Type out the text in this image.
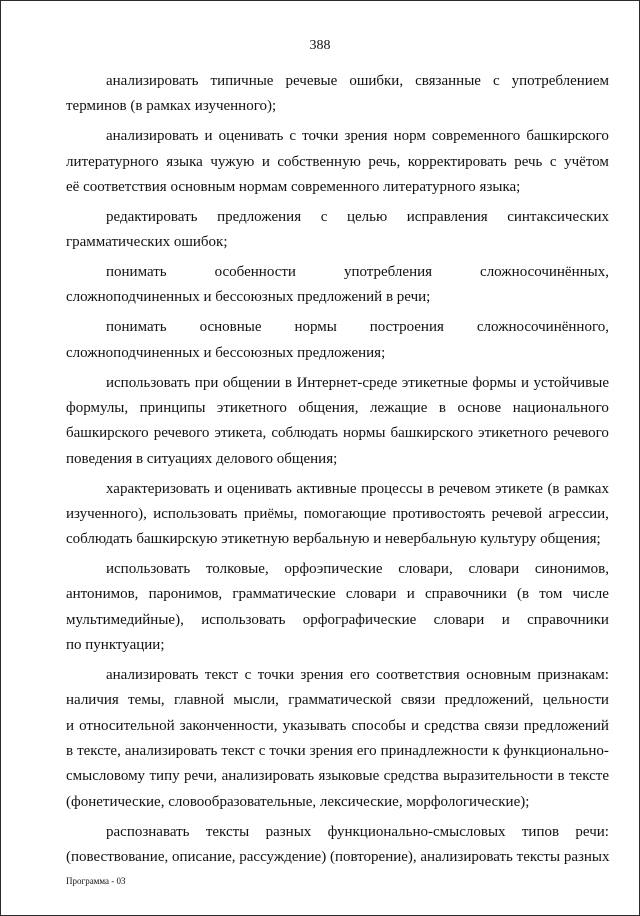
388
анализировать типичные речевые ошибки, связанные с употреблением
терминов (в рамках изученного);
анализировать и оценивать с точки зрения норм современного башкирского
литературного языка чужую и собственную речь, корректировать речь с учётом
её соответствия основным нормам современного литературного языка;
редактировать предложения с целью исправления синтаксических
грамматических ошибок;
понимать	особенности	употребления	сложносочинённых,
сложноподчиненных и бессоюзных предложений в речи;
понимать основные нормы построения сложносочинённого,
сложноподчиненных и бессоюзных предложения;
использовать при общении в Интернет-среде этикетные формы и устойчивые
формулы, принципы этикетного общения, лежащие в основе национального
башкирского речевого этикета, соблюдать нормы башкирского этикетного речевого
поведения в ситуациях делового общения;
характеризовать и оценивать активные процессы в речевом этикете (в рамках
изученного), использовать приёмы, помогающие противостоять речевой агрессии,
соблюдать башкирскую этикетную вербальную и невербальную культуру общения;
использовать толковые, орфоэпические словари, словари синонимов,
антонимов, паронимов, грамматические словари и справочники (в том числе
мультимедийные), использовать орфографические словари и справочники
по пунктуации;
анализировать текст с точки зрения его соответствия основным признакам:
наличия темы, главной мысли, грамматической связи предложений, цельности
и относительной законченности, указывать способы и средства связи предложений
в тексте, анализировать текст с точки зрения его принадлежности к функционально-
смысловому типу речи, анализировать языковые средства выразительности в тексте
(фонетические, словообразовательные, лексические, морфологические);
распознавать тексты разных функционально-смысловых типов речи:
(повествование, описание, рассуждение) (повторение), анализировать тексты разных
Программа - 03
